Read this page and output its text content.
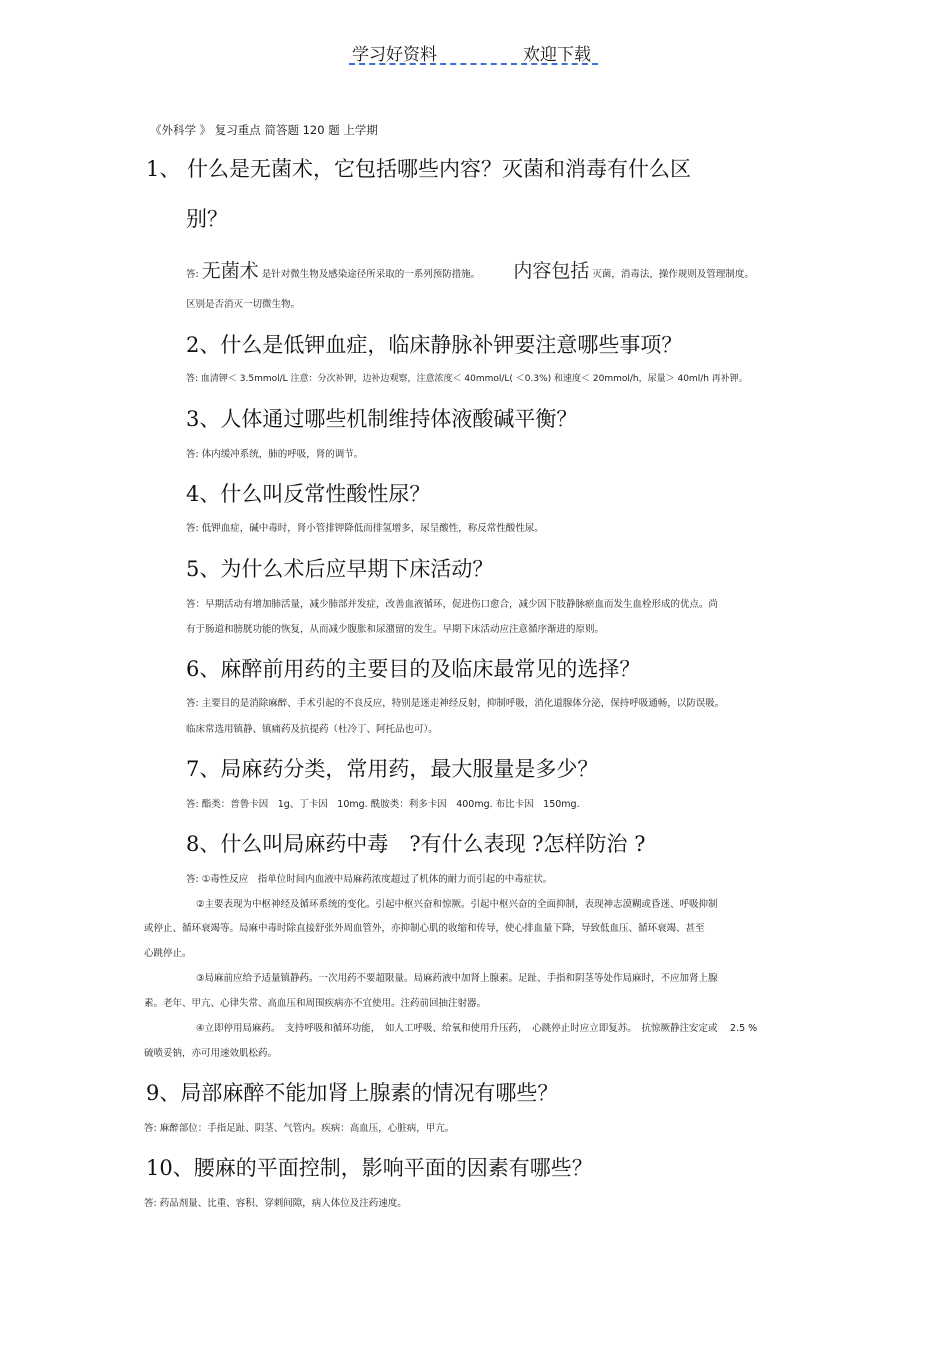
学习好资料	欢迎下载
《外科学 》 复习重点 简答题 120 题 上学期
1、 什么是无菌术，它包括哪些内容？灭菌和消毒有什么区
别？
答: 无菌术 是针对微生物及感染途径所采取的一系列预防措施。 内容包括 灭菌，消毒法，操作规则及管理制度。
区别是否消灭一切微生物。
2、什么是低钾血症，临床静脉补钾要注意哪些事项？
答: 血清钾＜ 3.5mmol/L 注意：分次补钾，边补边观察，注意浓度＜ 40mmol/L( ＜0.3%) 和速度＜ 20mmol/h，尿量＞ 40ml/h 再补钾。
3、人体通过哪些机制维持体液酸碱平衡？
答: 体内缓冲系统，肺的呼吸，肾的调节。
4、什么叫反常性酸性尿？
答: 低钾血症，碱中毒时，肾小管排钾降低而排氢增多，尿呈酸性，称反常性酸性尿。
5、为什么术后应早期下床活动？
答：早期活动有增加肺活量，减少肺部并发症，改善血液循环，促进伤口愈合，减少因下肢静脉瘀血而发生血栓形成的优点。尚
有于肠道和膀胱功能的恢复，从而减少腹胀和尿潴留的发生。早期下床活动应注意循序渐进的原则。
6、麻醉前用药的主要目的及临床最常见的选择？
答: 主要目的是消除麻醉、手术引起的不良反应，特别是迷走神经反射，抑制呼吸，消化道腺体分泌，保持呼吸通畅，以防误吸。
临床常选用镇静、镇痛药及抗提药（杜冷丁、阿托品也可）。
7、局麻药分类，常用药，最大服量是多少？
答: 酯类：普鲁卡因　1g、丁卡因　10mg. 酰胺类：利多卡因　400mg. 布比卡因　150mg.
8、什么叫局麻药中毒　?有什么表现 ?怎样防治 ?
答: ①毒性反应　指单位时间内血液中局麻药浓度超过了机体的耐力而引起的中毒症状。
②主要表现为中枢神经及循环系统的变化。引起中枢兴奋和惊厥。引起中枢兴奋的全面抑制，表现神志漠糊或昏迷、呼吸抑制
或停止、循环衰竭等。局麻中毒时除直接舒张外周血管外，亦抑制心肌的收缩和传导，使心排血量下降，导致低血压、循环衰竭、甚至
心跳停止。
③局麻前应给予适量镇静药。一次用药不要超限量。局麻药液中加肾上腺素。足趾、手指和阴茎等处作局麻时，不应加肾上腺
素。老年、甲亢、心律失常、高血压和周围疾病亦不宜使用。注药前回抽注射器。
④立即停用局麻药。　支持呼吸和循环功能，　如人工呼吸、给氧和使用升压药，　心跳停止时应立即复苏。　抗惊厥静注安定或　 2.5 %
硫喷妥钠，亦可用速效肌松药。
9、局部麻醉不能加肾上腺素的情况有哪些？
答: 麻醉部位：手指足趾、阴茎、气管内。疾病：高血压，心脏病，甲亢。
10、腰麻的平面控制，影响平面的因素有哪些？
答: 药品剂量、比重、容积、穿刺间隙，病人体位及注药速度。
